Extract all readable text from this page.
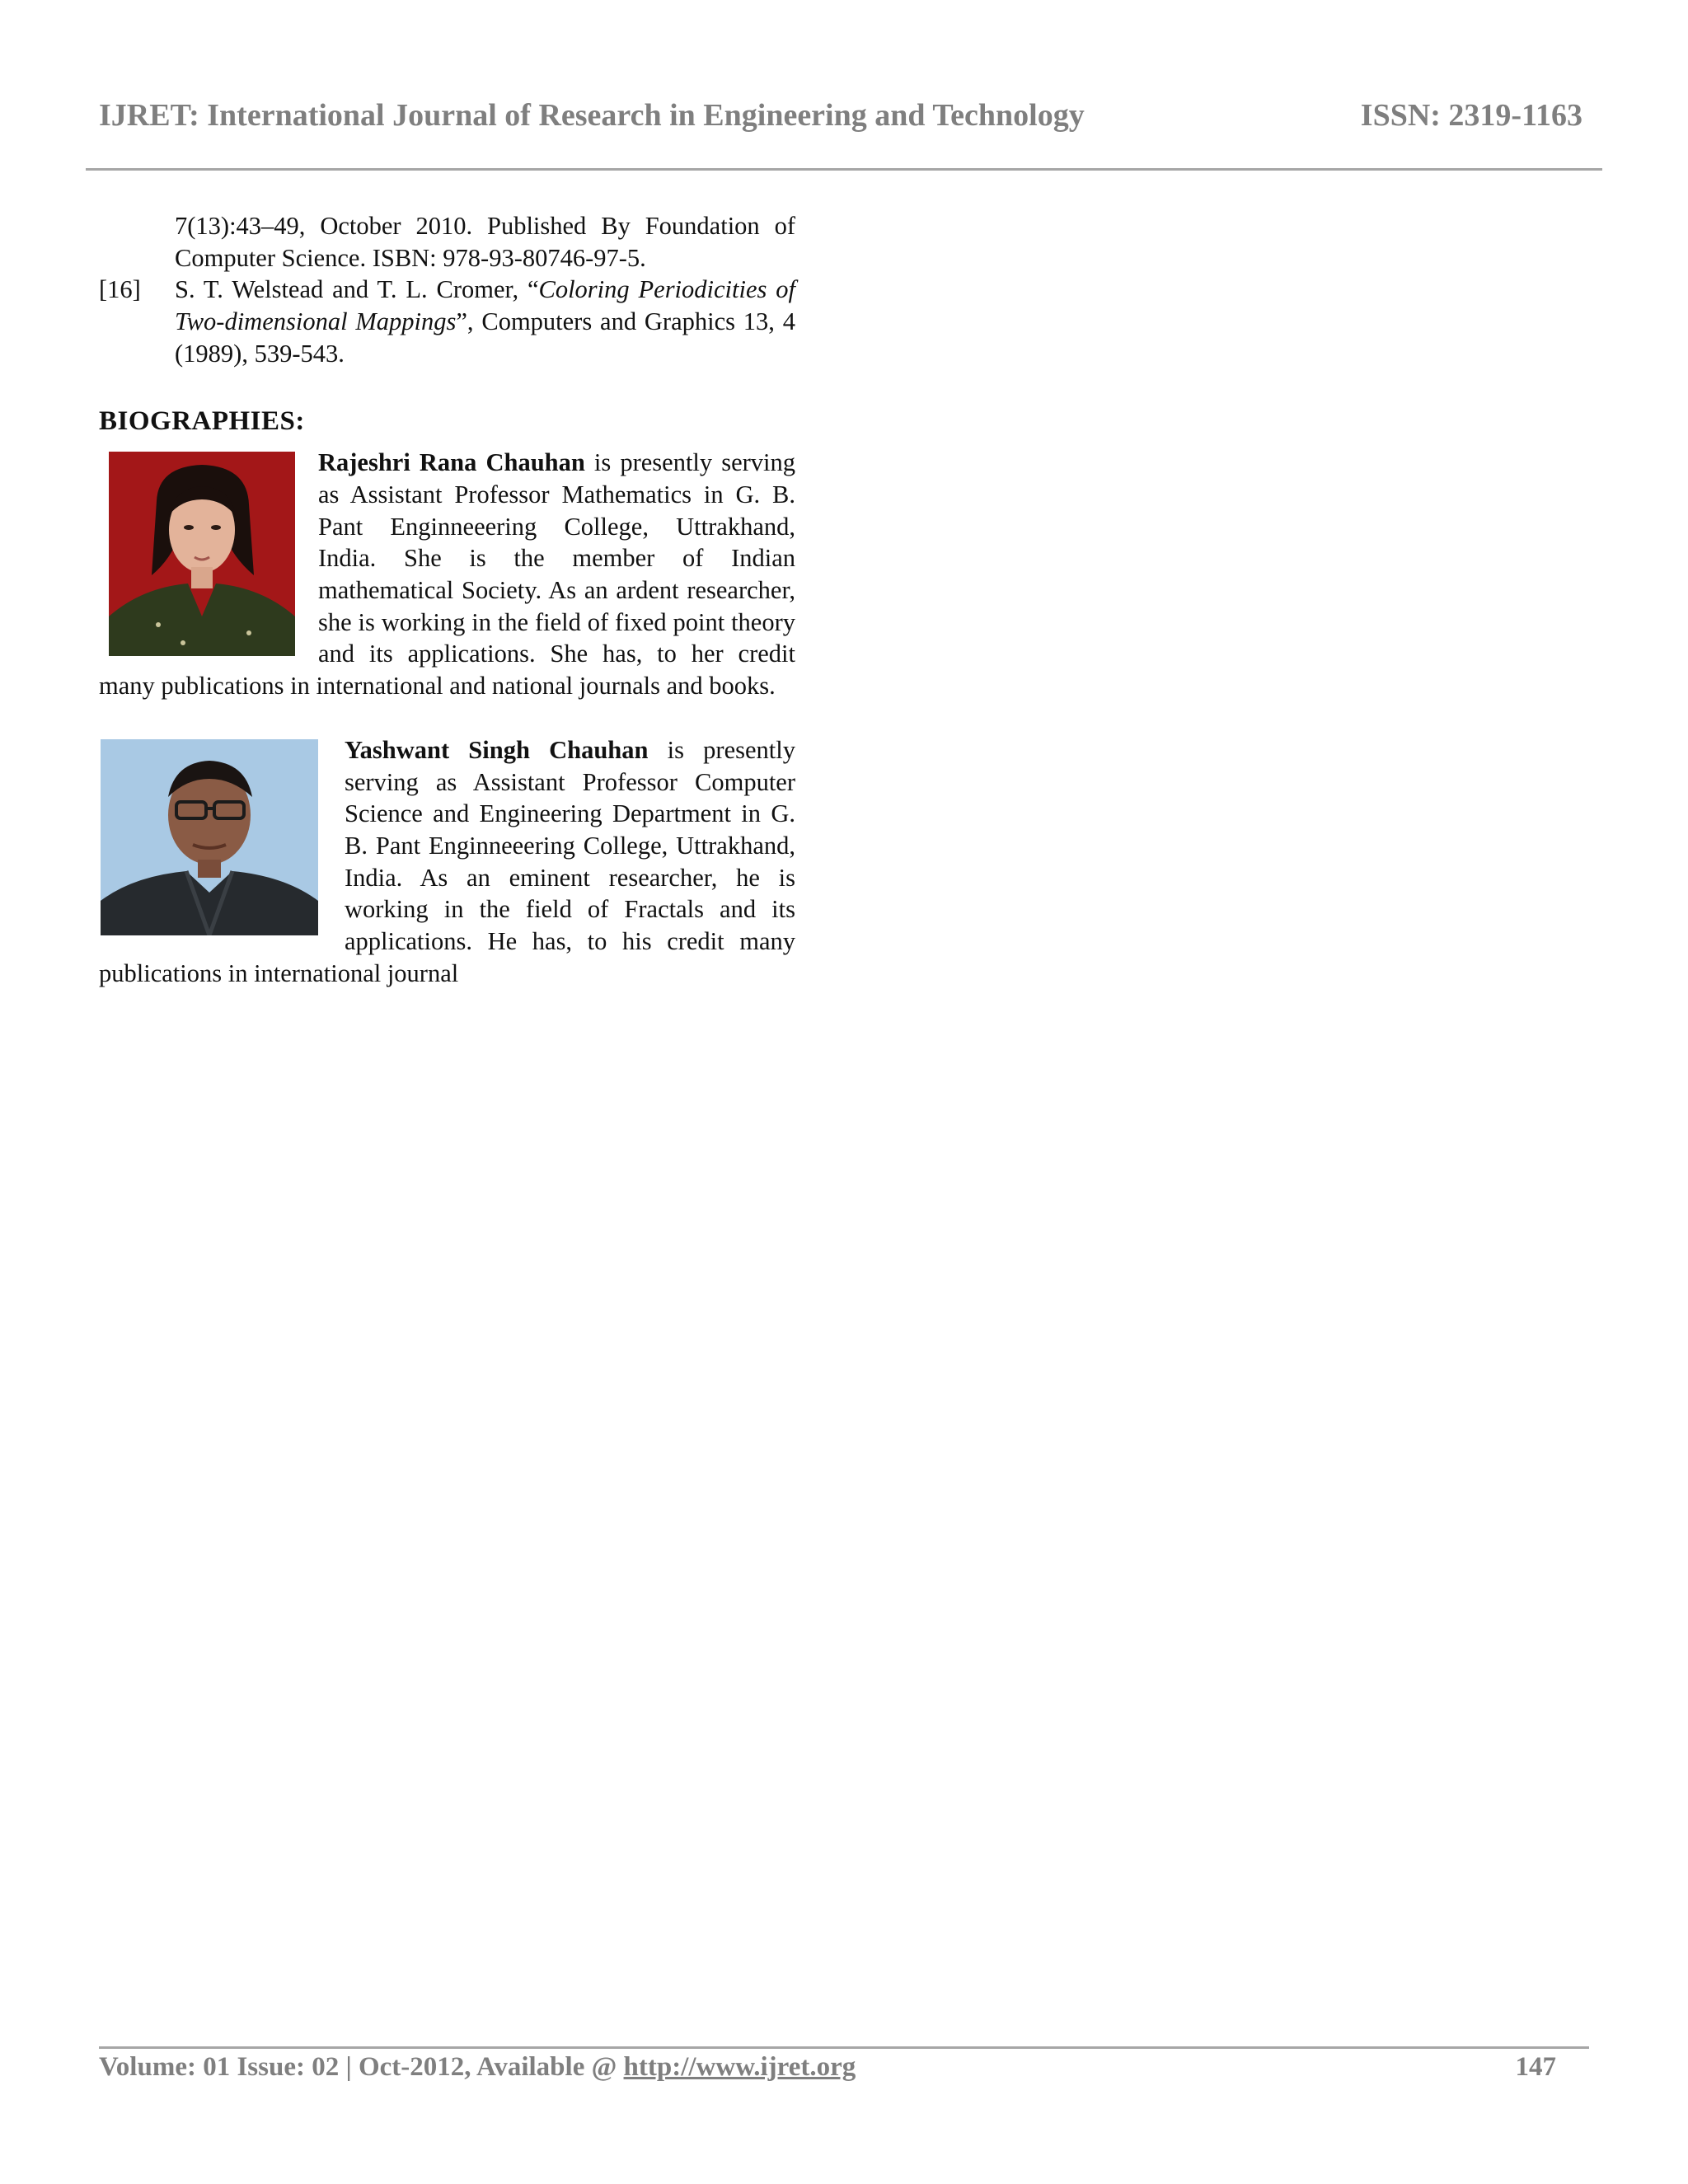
IJRET: International Journal of Research in Engineering and Technology	ISSN: 2319-1163
7(13):43–49, October 2010. Published By Foundation of Computer Science. ISBN: 978-93-80746-97-5.
[16]	S. T. Welstead and T. L. Cromer, “Coloring Periodicities of Two-dimensional Mappings”, Computers and Graphics 13, 4 (1989), 539-543.
BIOGRAPHIES:

Rajeshri Rana Chauhan is presently serving as Assistant Professor Mathematics in G. B. Pant Enginneeering College, Uttrakhand, India. She is the member of Indian mathematical Society. As an ardent researcher, she is working in the field of fixed point theory and its applications. She has, to her credit many publications in international and national journals and books.

Yashwant Singh Chauhan is presently serving as Assistant Professor Computer Science and Engineering Department in G. B. Pant Enginneeering College, Uttrakhand, India. As an eminent researcher, he is working in the field of Fractals and its applications. He has, to his credit many publications in international journal

Volume: 01 Issue: 02 | Oct-2012, Available @ http://www.ijret.org	147
